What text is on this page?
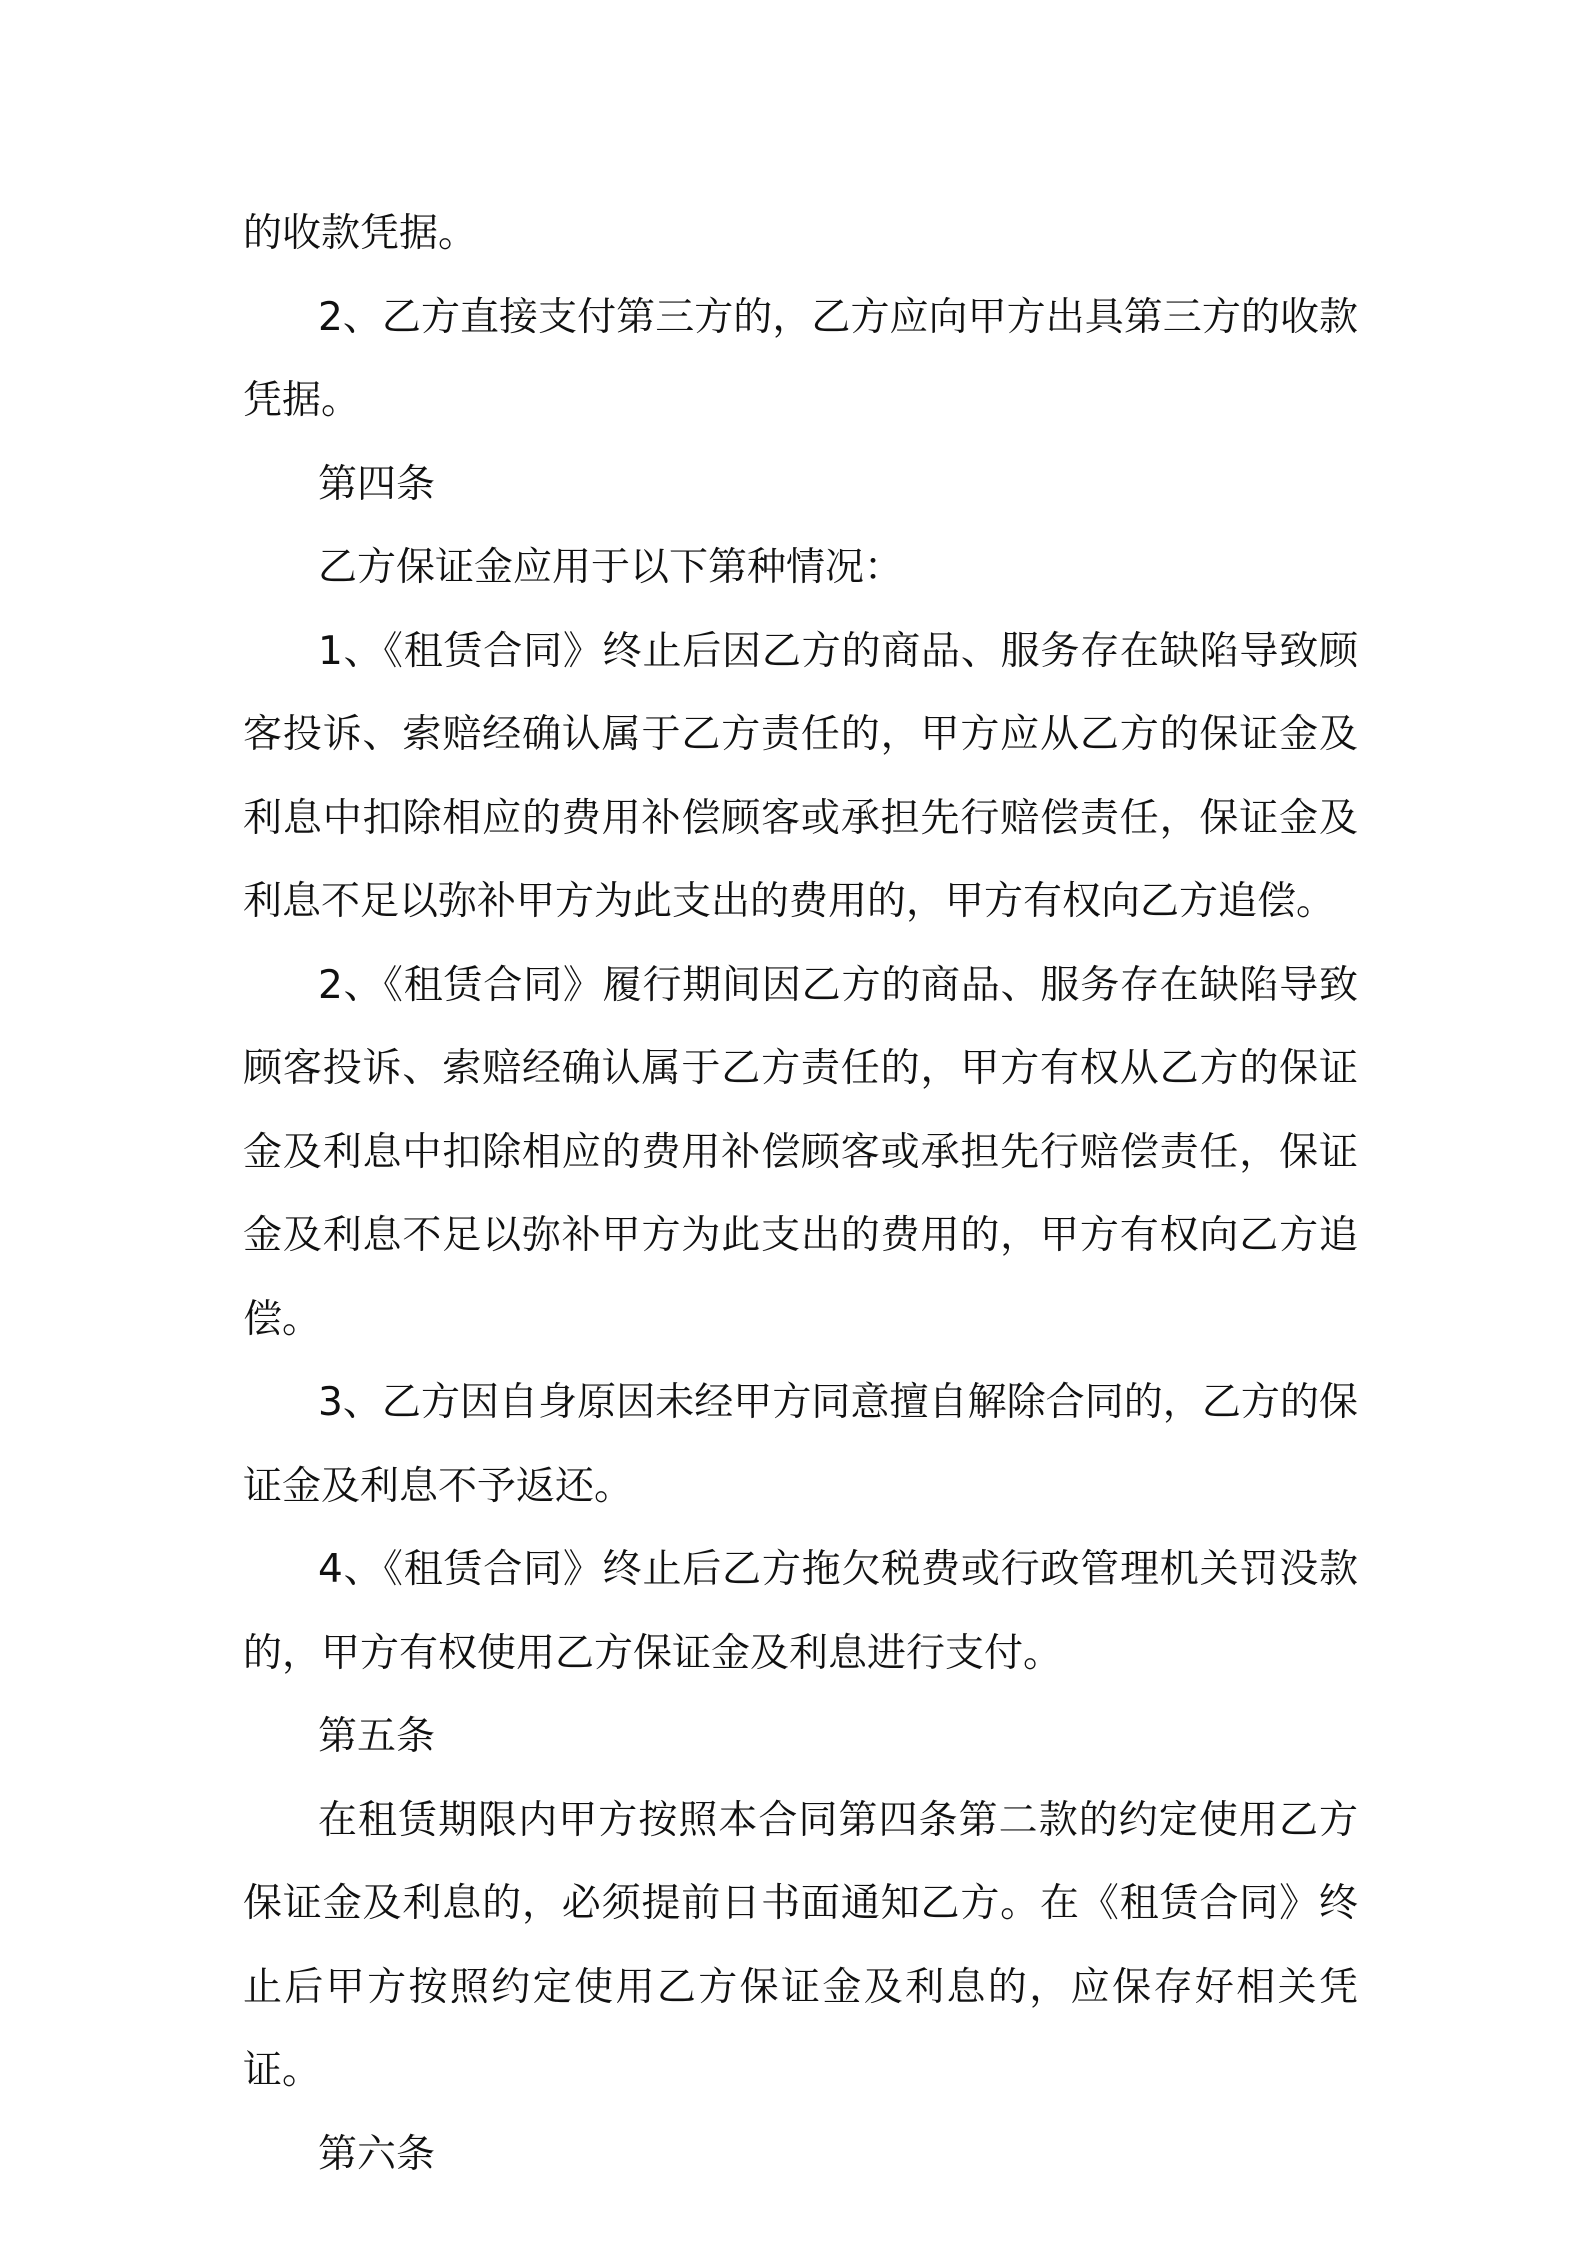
的收款凭据。

2、乙方直接支付第三方的，乙方应向甲方出具第三方的收款凭据。

第四条

乙方保证金应用于以下第种情况：

1、《租赁合同》终止后因乙方的商品、服务存在缺陷导致顾客投诉、索赔经确认属于乙方责任的，甲方应从乙方的保证金及利息中扣除相应的费用补偿顾客或承担先行赔偿责任，保证金及利息不足以弥补甲方为此支出的费用的，甲方有权向乙方追偿。

2、《租赁合同》履行期间因乙方的商品、服务存在缺陷导致顾客投诉、索赔经确认属于乙方责任的，甲方有权从乙方的保证金及利息中扣除相应的费用补偿顾客或承担先行赔偿责任，保证金及利息不足以弥补甲方为此支出的费用的，甲方有权向乙方追偿。

3、乙方因自身原因未经甲方同意擅自解除合同的，乙方的保证金及利息不予返还。

4、《租赁合同》终止后乙方拖欠税费或行政管理机关罚没款的，甲方有权使用乙方保证金及利息进行支付。

第五条

在租赁期限内甲方按照本合同第四条第二款的约定使用乙方保证金及利息的，必须提前日书面通知乙方。在《租赁合同》终止后甲方按照约定使用乙方保证金及利息的，应保存好相关凭证。

第六条
